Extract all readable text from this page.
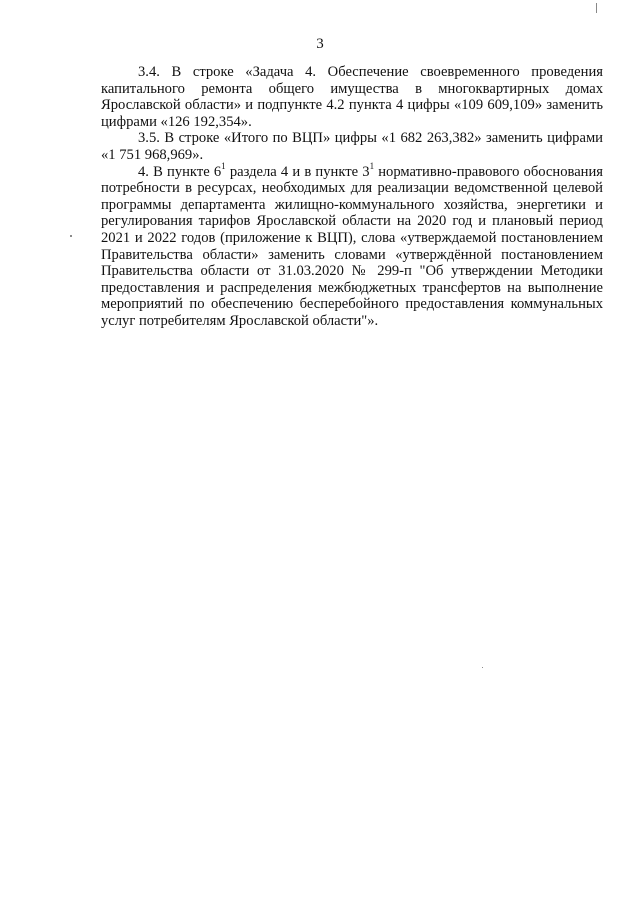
3

3.4. В строке «Задача 4. Обеспечение своевременного проведения капитального ремонта общего имущества в многоквартирных домах Ярославской области» и подпункте 4.2 пункта 4 цифры «109 609,109» заменить цифрами «126 192,354».

3.5. В строке «Итого по ВЦП» цифры «1 682 263,382» заменить цифрами «1 751 968,969».

4. В пункте $6^1$ раздела 4 и в пункте $3^1$ нормативно-правового обоснования потребности в ресурсах, необходимых для реализации ведомственной целевой программы департамента жилищно-коммунального хозяйства, энергетики и регулирования тарифов Ярославской области на 2020 год и плановый период 2021 и 2022 годов (приложение к ВЦП), слова «утверждаемой постановлением Правительства области» заменить словами «утверждённой постановлением Правительства области от 31.03.2020 № 299-п "Об утверждении Методики предоставления и распределения межбюджетных трансфертов на выполнение мероприятий по обеспечению бесперебойного предоставления коммунальных услуг потребителям Ярославской области"».
